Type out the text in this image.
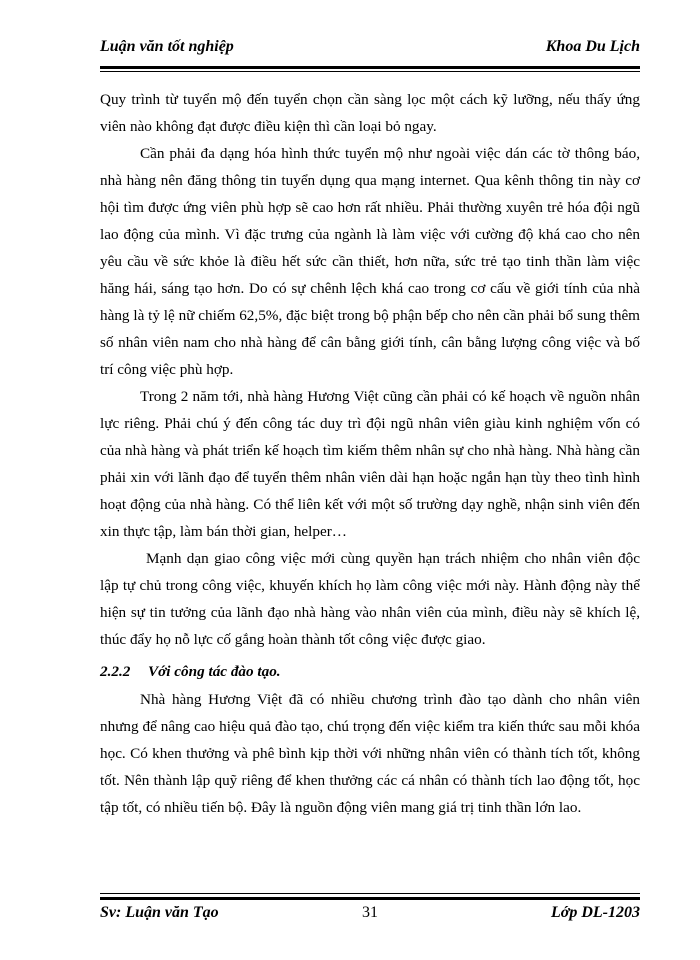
Luận văn tốt nghiệp	Khoa Du Lịch

Quy trình từ tuyển mộ đến tuyển chọn cần sàng lọc một cách kỹ lưỡng, nếu thấy ứng viên nào không đạt được điều kiện thì cần loại bỏ ngay.

Cần phải đa dạng hóa hình thức tuyển mộ như ngoài việc dán các tờ thông báo, nhà hàng nên đăng thông tin tuyển dụng qua mạng internet. Qua kênh thông tin này cơ hội tìm được ứng viên phù hợp sẽ cao hơn rất nhiều. Phải thường xuyên trẻ hóa đội ngũ lao động của mình. Vì đặc trưng của ngành là làm việc với cường độ khá cao cho nên yêu cầu về sức khỏe là điều hết sức cần thiết, hơn nữa, sức trẻ tạo tinh thần làm việc hăng hái, sáng tạo hơn. Do có sự chênh lệch khá cao trong cơ cấu về giới tính của nhà hàng là tỷ lệ nữ chiếm 62,5%, đặc biệt trong bộ phận bếp cho nên cần phải bổ sung thêm số nhân viên nam cho nhà hàng để cân bằng giới tính, cân bằng lượng công việc và bố trí công việc phù hợp.

Trong 2 năm tới, nhà hàng Hương Việt cũng cần phải có kế hoạch về nguồn nhân lực riêng. Phải chú ý đến công tác duy trì đội ngũ nhân viên giàu kinh nghiệm vốn có của nhà hàng và phát triển kế hoạch tìm kiếm thêm nhân sự cho nhà hàng. Nhà hàng cần phải xin với lãnh đạo để tuyển thêm nhân viên dài hạn hoặc ngắn hạn tùy theo tình hình hoạt động của nhà hàng. Có thể liên kết với một số trường dạy nghề, nhận sinh viên đến xin thực tập, làm bán thời gian, helper…

Mạnh dạn giao công việc mới cùng quyền hạn trách nhiệm cho nhân viên độc lập tự chủ trong công việc, khuyến khích họ làm công việc mới này. Hành động này thể hiện sự tin tưởng của lãnh đạo nhà hàng vào nhân viên của mình, điều này sẽ khích lệ, thúc đẩy họ nỗ lực cố gắng hoàn thành tốt công việc được giao.

2.2.2 Với công tác đào tạo.

Nhà hàng Hương Việt đã có nhiều chương trình đào tạo dành cho nhân viên nhưng để nâng cao hiệu quả đào tạo, chú trọng đến việc kiểm tra kiến thức sau mỗi khóa học. Có khen thưởng và phê bình kịp thời với những nhân viên có thành tích tốt, không tốt. Nên thành lập quỹ riêng để khen thưởng các cá nhân có thành tích lao động tốt, học tập tốt, có nhiều tiến bộ. Đây là nguồn động viên mang giá trị tinh thần lớn lao.

Sv: Luận văn Tạo	31	Lớp DL-1203
